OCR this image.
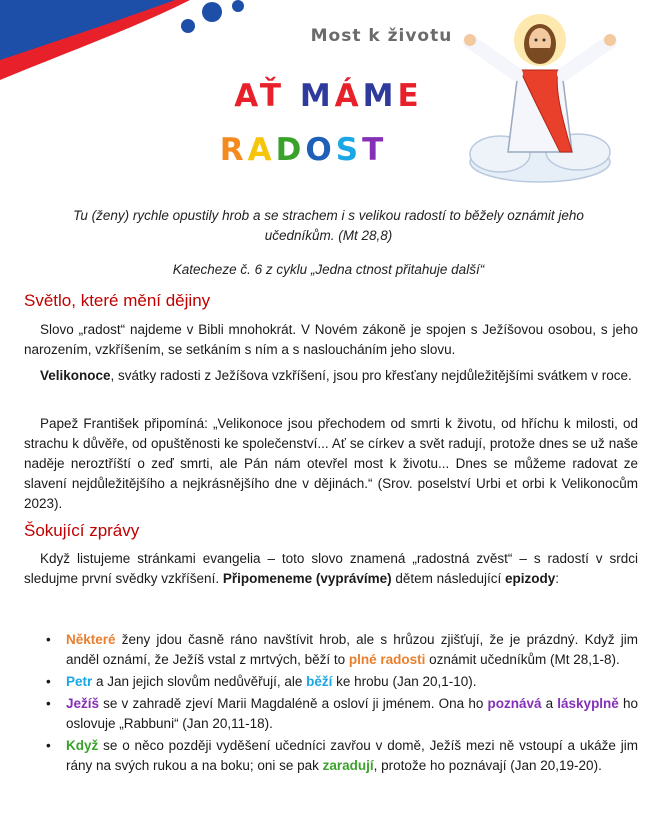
Most k životu
AŤ MÁME
RADOST
Tu (ženy) rychle opustily hrob a se strachem i s velikou radostí to běžely oznámit jeho učedníkům. (Mt 28,8)
Katecheze č. 6 z cyklu „Jedna ctnost přitahuje další“
Světlo, které mění dějiny
Slovo „radost“ najdeme v Bibli mnohokrát. V Novém zákoně je spojen s Ježíšovou osobou, s jeho narozením, vzkříšením, se setkáním s ním a s nasloucháním jeho slovu.
Velikonoce, svátky radosti z Ježíšova vzkříšení, jsou pro křesťany nejdůležitějšími svátkem v roce.
Papež František připomíná: „Velikonoce jsou přechodem od smrti k životu, od hříchu k milosti, od strachu k důvěře, od opuštěnosti ke společenství... Ať se církev a svět radují, protože dnes se už naše naděje neroztříští o zeď smrti, ale Pán nám otevřel most k životu... Dnes se můžeme radovat ze slavení nejdůležitějšího a nejkrásnějšího dne v dějinách.“ (Srov. poselství Urbi et orbi k Velikonocům 2023).
Šokující zprávy
Když listujeme stránkami evangelia – toto slovo znamená „radostná zvěst“ – s radostí v srdci sledujme první svědky vzkříšení. Připomeneme (vyprávíme) dětem následující epizody:
• Některé ženy jdou časně ráno navštívit hrob, ale s hrůzou zjišťují, že je prázdný. Když jim anděl oznámí, že Ježíš vstal z mrtvých, běží to plné radosti oznámit učedníkům (Mt 28,1-8).
• Petr a Jan jejich slovům nedůvěřují, ale běží ke hrobu (Jan 20,1-10).
• Ježíš se v zahradě zjeví Marii Magdaléně a osloví ji jménem. Ona ho poznává a láskyplně ho oslovuje „Rabbuni“ (Jan 20,11-18).
• Když se o něco později vyděšení učedníci zavřou v domě, Ježíš mezi ně vstoupí a ukáže jim rány na svých rukou a na boku; oni se pak zaradují, protože ho poznávají (Jan 20,19-20).
